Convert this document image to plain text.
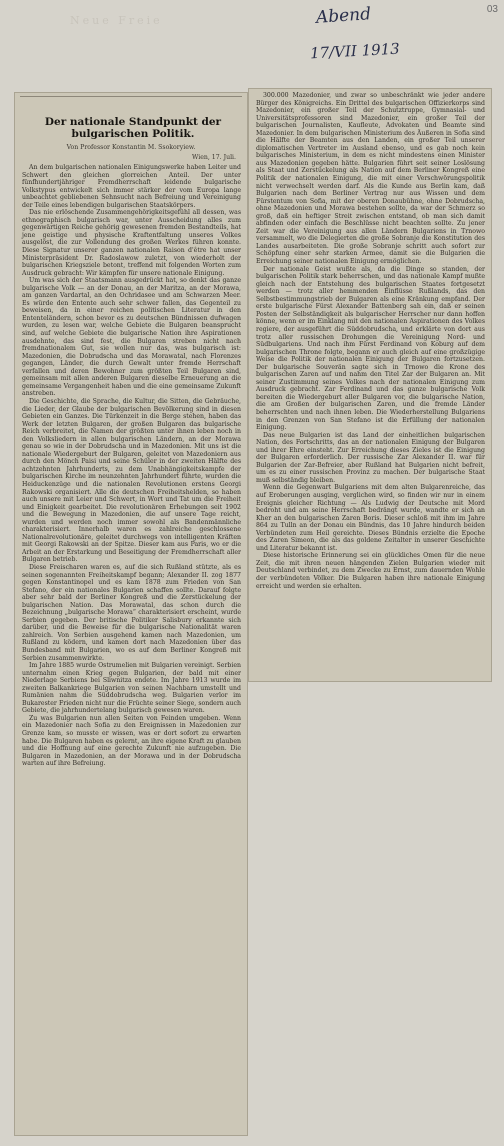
Neue Freie	Abend
17/VII 1913
03
Der nationale Standpunkt der bulgarischen Politik.
Von Professor Konstantin M. Ssokoryiew.
Wien, 17. Juli.

An dem bulgarischen nationalen Einigungswerke haben Leiter und Schwert den gleichen glorreichen Anteil. Der unter fünfhundertjähriger Fremdherrschaft leidende bulgarische Volkstypus entwickelt sich immer stärker der vom Europa lange unbeachtet gebliebenen Sehnsucht nach Befreiung und Vereinigung der Teile eines lebendigen bulgarischen Staatskörpers.

Das nie erlöschende Zusammengehörigkeitsgefühl all dessen, was ethnographisch bulgarisch war, unter Ausscheidung alles zum gegenwärtigen Reiche gehörig gewesenen fremden Bestandteils, hat jene geistige und physische Kraftentfaltung unseres Volkes ausgelöst, die zur Vollendung des großen Werkes führen konnte. Diese Signatur unserer ganzen nationalen Raison d'être hat unser Ministerpräsident Dr. Radoslawow zuletzt, von wiederholt der bulgarischen Kriegsziele betont, treffend mit folgenden Worten zum Ausdruck gebracht: Wir kämpfen für unsere nationale Einigung.

Um was sich der Staatsmann ausgedrückt hat, so denkt das ganze bulgarische Volk — an der Donau, an der Maritza, an der Morawa, am ganzen Vardartal, an den Ochridasee und am Schwarzen Meer. Es würde den Entente auch sehr schwer fallen, das Gegenteil zu beweisen, da in einer reichen politischen Literatur in den Ententeländern, schon bevor es zu deutschen Bündnissen dufwagen wurden, zu lesen war, welche Gebiete die Bulgaren beansprucht sind, auf welche Gebiete die bulgarische Nation ihre Aspirationen ausdehnte, das sind fest, die Bulgaren streben nicht nach fremdnationalem Gut, sie wollen nur das, was bulgarisch ist: Mazedonien, die Dobrudscha und das Morawatal, nach Florenzes gegangen, Länder, die durch Gewalt unter fremde Herrschaft verfallen und deren Bewohner zum größten Teil Bulgaren sind, gemeinsam mit allen anderen Bulgaren dieselbe Erneuerung an die gemeinsame Vergangenheit haben und die eine gemeinsame Zukunft anstreben.

Die Geschichte, die Sprache, die Kultur, die Sitten, die Gebräuche, die Lieder, der Glaube der bulgarischen Bevölkerung sind in diesen Gebieten ein Ganzes. Die Türkenzeit in die Berge stehen, haben das Werk der letzten Bulgaren, der großen Bulgaren das bulgarische Reich verbreitet, die Namen der größten unter ihnen leben noch in den Volksliedern in allen bulgarischen Ländern, an der Morawa genau so wie in der Dobrudscha und in Mazedonien. Mit uns ist die nationale Wiedergeburt der Bulgaren, geleitet von Mazedoniern aus durch den Mönch Paisi und seine Schüler in der zweiten Hälfte des achtzehnten Jahrhunderts, zu dem Unabhängigkeitskampfe der bulgarischen Kirche im neunzehnten Jahrhundert führte, wurden die Heiduckenzüge und die nationalen Revolutionen erstens Georgi Rakowski organisiert. Alle die deutschen Freiheitshelden, so haben auch unsere mit Leier und Schwert, in Wort und Tat um die Freiheit und Einigkeit gearbeitet. Die revolutionären Erhebungen seit 1902 und die Bewegung in Mazedonien, die auf unsere Tage reicht, wurden und werden noch immer sowohl als Bandenmännliche charakterisiert. Innerhalb waren es zahlreiche geschlossene Nationalrevolutionäre, geleitet durchwegs von intelligenten Kräften mit Georgi Rakowski an der Spitze. Dieser kam aus Paris, wo er die Arbeit an der Erstarkung und Beseitigung der Fremdherrschaft aller Bulgaren betrieb.

Diese Freischaren waren es, auf die sich Rußland stützte, als es seinen sogenannten Freiheitskampf begann; Alexander II. zog 1877 gegen Konstantinopel und es kam 1878 zum Frieden von San Stefano, der ein nationales Bulgarien schaffen sollte. Darauf folgte aber sehr bald der Berliner Kongreß und die Zerstückelung der bulgarischen Nation. Das Morawatal, das schon durch die Bezeichnung „bulgarische Morawa“ charakterisiert erscheint, wurde Serbien gegeben. Der britische Politiker Salisbury erkannte sich darüber, und die Beweise für die bulgarische Nationalität waren zahlreich. Von Serbien ausgehend kamen nach Mazedonien, um Rußland zu ködern, und kamen dort nach Mazedonien über das Bundesband mit Bulgarien, wo es auf dem Berliner Kongreß mit Serbien zusammenwirkte.

Im Jahre 1885 wurde Ostrumelien mit Bulgarien vereinigt. Serbien unternahm einen Krieg gegen Bulgarien, der bald mit einer Niederlage Serbiens bei Sliwnitza endete. Im Jahre 1913 wurde im zweiten Balkankriege Bulgarien von seinen Nachbarn umstellt und Rumänien nahm die Süddobrudscha weg. Bulgarien verlor im Bukarester Frieden nicht nur die Früchte seiner Siege, sondern auch Gebiete, die jahrhundertelang bulgarisch gewesen waren.

Zu was Bulgarien nun allen Seiten von Feinden umgeben. Wenn ein Mazedonier nach Sofia zu den Ereignissen in Mazedonien zur Grenze kam, so musste er wissen, was er dort sofort zu erwarten habe. Die Bulgaren haben es gelernt, an ihre eigene Kraft zu glauben und die Hoffnung auf eine gerechte Zukunft nie aufzugeben. Die Bulgaren in Mazedonien, an der Morawa und in der Dobrudscha warten auf ihre Befreiung.

300.000 Mazedonier, und zwar so unbeschränkt wie jeder andere Bürger des Königreichs. Ein Drittel des bulgarischen Offizierkorps sind Mazedonier, ein großer Teil der Schutztruppe, Gymnasial- und Universitätsprofessoren sind Mazedonier, ein großer Teil der bulgarischen Journalisten, Kaufleute, Advokaten und Beamte sind Mazedonier. In dem bulgarischen Ministerium des Äußeren in Sofia sind die Hälfte der Beamten aus den Landen, ein großer Teil unserer diplomatischen Vertreter im Ausland ebenso, und es gab noch kein bulgarisches Ministerium, in dem es nicht mindestens einen Minister aus Mazedonien gegeben hätte. Bulgarien führt seit seiner Loslösung als Staat und Zerstückelung als Nation auf dem Berliner Kongreß eine Politik der nationalen Einigung, die mit einer Verschwörungspolitik nicht verwechselt werden darf. Als die Kunde aus Berlin kam, daß Bulgarien nach dem Berliner Vertrag nur aus Wissen und dem Fürstentum von Sofia, mit der oberen Donaubühne, ohne Dobrudscha, ohne Mazedonien und Morawa bestehen sollte, da war der Schmerz so groß, daß ein heftiger Streit zwischen entstand, ob man sich damit abfinden oder einfach die Beschlüsse nicht beachten sollte. Zu jener Zeit war die Vereinigung aus allen Ländern Bulgariens in Trnowo versammelt, wo die Delegierten die große Sobranje die Konstitution des Landes ausarbeiteten. Die große Sobranje schritt auch sofort zur Schöpfung einer sehr starken Armee, damit sie die Bulgarien die Erreichung seiner nationalen Einigung ermöglichen.

Der nationale Geist wußte als, da die Dinge so standen, der bulgarischen Politik stark beherrschen, und das nationale Kampf mußte gleich nach der Entstehung des bulgarischen Staates fortgesetzt werden — trotz aller hemmenden Einflüsse Rußlands, das den Selbstbestimmungstrieb der Bulgaren als eine Kränkung empfand. Der erste bulgarische Fürst Alexander Battenberg sah ein, daß er seinen Posten der Selbständigkeit als bulgarischer Herrscher nur dann hoffen könne, wenn er im Einklang mit den nationalen Aspirationen des Volkes regiere, der ausgeführt die Süddobrudscha, und erklärte von dort aus trotz aller russischen Drohungen die Vereinigung Nord- und Südbulgariens. Und nach ihm Fürst Ferdinand von Koburg auf dem bulgarischen Throne folgte, begann er auch gleich auf eine großzügige Weise die Politik der nationalen Einigung der Bulgaren fortzusetzen. Der bulgarische Souverän sagte sich in Trnowo die Krone des bulgarischen Zaren auf und nahm den Titel Zar der Bulgaren an. Mit seiner Zustimmung seines Volkes nach der nationalen Einigung zum Ausdruck gebracht. Zar Ferdinand und das ganze bulgarische Volk bereiten die Wiedergeburt aller Bulgaren vor, die bulgarische Nation, die am Großen der bulgarischen Zaren, und die fremde Länder beherrschten und nach ihnen leben. Die Wiederherstellung Bulgariens in den Grenzen von San Stefano ist die Erfüllung der nationalen Einigung.

Das neue Bulgarien ist das Land der einheitlichen bulgarischen Nation, des Fortschritts, das an der nationalen Einigung der Bulgaren und ihrer Ehre einsteht. Zur Erreichung dieses Zieles ist die Einigung der Bulgaren erforderlich. Der russische Zar Alexander II. war für Bulgarien der Zar-Befreier, aber Rußland hat Bulgarien nicht befreit, um es zu einer russischen Provinz zu machen. Der bulgarische Staat muß selbständig bleiben.

Wenn die Gegenwart Bulgariens mit dem alten Bulgarenreiche, das auf Eroberungen ausging, verglichen wird, so finden wir nur in einem Ereignis gleicher Richtung — Als Ludwig der Deutsche mit Mord bedroht und am seine Herrschaft bedrängt wurde, wandte er sich an Kher an den bulgarischen Zaren Boris. Dieser schloß mit ihm im Jahre 864 zu Tulln an der Donau ein Bündnis, das 10 Jahre hindurch beiden Verbündeten zum Heil gereichte. Dieses Bündnis erzielte die Epoche des Zaren Simeon, die als das goldene Zeitalter in unserer Geschichte und Literatur bekannt ist.

Diese historische Erinnerung sei ein glückliches Omen für die neue Zeit, die mit ihren neuen hängenden Zielen Bulgarien wieder mit Deutschland verbindet, zu dem Zwecke zu Ernst, zum dauernden Wohle der verbündeten Völker. Die Bulgaren haben ihre nationale Einigung erreicht und werden sie erhalten.
